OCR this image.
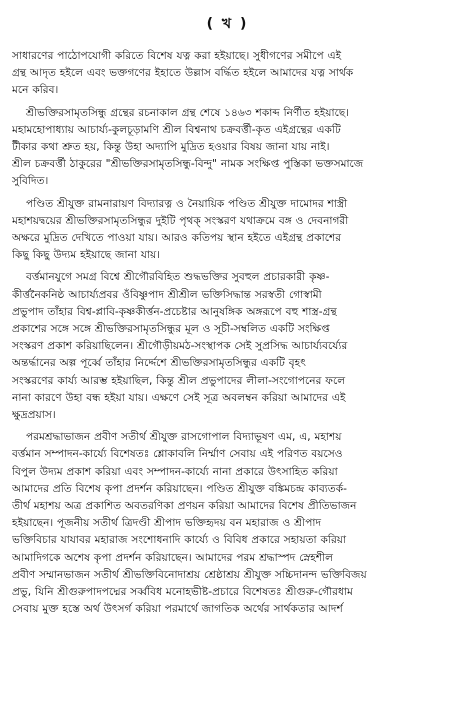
( খ )

সাধারণের পাঠোপযোগী করিতে বিশেষ যত্ন করা হইয়াছে। সুধীগণের সমীপে এই
গ্রন্থ আদৃত হইলে এবং ভক্তগণের ইহাতে উল্লাস বৰ্দ্ধিত হইলে আমাদের যত্ন সার্থক
মনে করিব।

শ্রীভক্তিরসামৃতসিন্ধু গ্রন্থের রচনাকাল গ্রন্থ শেষে ১৪৬৩ শকাব্দ নির্ণীত হইয়াছে।
মহামহোপাধ্যায় আচাৰ্য্য-কুলচূড়ামণি শ্রীল বিশ্বনাথ চক্রবর্ত্তী-কৃত এইগ্রন্থের একটি
টীকার কথা শ্রুত হয়, কিন্তু উহা অদ্যাপি মুদ্রিত হওয়ার বিষয় জানা যায় নাই।
শ্রীল চক্রবর্ত্তী ঠাকুরের "শ্রীভক্তিরসামৃতসিন্ধু-বিন্দু" নামক সংক্ষিপ্ত পুস্তিকা ভক্তসমাজে
সুবিদিত।

পণ্ডিত শ্রীযুক্ত রামনারায়ণ বিদ্যারত্ন ও নৈয়ায়িক পণ্ডিত শ্রীযুক্ত দামোদর শাস্ত্রী
মহাশয়দ্বয়ের শ্রীভক্তিরসামৃতসিন্ধুর দুইটি পৃথক্ সংস্করণ যথাক্রমে বঙ্গ ও দেবনাগরী
অক্ষরে মুদ্রিত দেখিতে পাওয়া যায়। আরও কতিপয় স্থান হইতে এইগ্রন্থ প্রকাশের
কিছু কিছু উদ্যম হইয়াছে জানা যায়।

বৰ্ত্তমানযুগে সমগ্র বিশ্বে শ্রীগৌরবিহিত শুদ্ধভক্তির সুবহুল প্রচারকারী কৃষ্ণ-
কীৰ্ত্তনৈকনিষ্ঠ আচার্য্যপ্রবর ওঁবিষ্ণুপাদ শ্রীশ্রীল ভক্তিসিদ্ধান্ত সরস্বতী গোস্বামী
প্রভুপাদ তাঁহার বিশ্ব-প্লাবি-কৃষ্ণকীর্ত্তন-প্রচেষ্টার আনুষঙ্গিক অঙ্গরূপে বহু শাস্ত্র-গ্রন্থ
প্রকাশের সঙ্গে সঙ্গে শ্রীভক্তিরসামৃতসিন্ধুর মূল ও সূচী-সম্বলিত একটি সংক্ষিপ্ত
সংস্করণ প্রকাশ করিয়াছিলেন। শ্রীগৌড়ীয়মঠ-সংস্থাপক সেই সুপ্রসিদ্ধ আচার্য্যবর্য্যের
অন্তর্দ্ধানের অল্প পূর্ব্বে তাঁহার নির্দ্দেশে শ্রীভক্তিরসামৃতসিন্ধুর একটি বৃহৎ
সংস্করণের কার্য্য আরম্ভ হইয়াছিল, কিন্তু শ্রীল প্রভুপাদের লীলা-সংগোপনের ফলে
নানা কারণে উহা বন্ধ হইয়া যায়। এক্ষণে সেই সূত্র অবলম্বন করিয়া আমাদের এই
ক্ষুদ্রপ্রয়াস।

পরমশ্রদ্ধাভাজন প্রবীণ সতীর্থ শ্রীযুক্ত রাসগোপাল বিদ্যাভূষণ এম, এ, মহাশয়
বৰ্ত্তমান সম্পাদন-কার্য্যে বিশেষতঃ শ্লোকাবলি নির্ম্মাণ সেবায় এই পরিণত বয়সেও
বিপুল উদ্যম প্রকাশ করিয়া এবং সম্পাদন-কার্য্যে নানা প্রকারে উৎসাহিত করিয়া
আমাদের প্রতি বিশেষ কৃপা প্রদর্শন করিয়াছেন। পণ্ডিত শ্রীযুক্ত বঙ্কিমচন্দ্র কাব্যতর্ক-
তীর্থ মহাশয় অত্র প্রকাশিত অবতরণিকা প্রণয়ন করিয়া আমাদের বিশেষ প্রীতিভাজন
হইয়াছেন। পূজনীয় সতীর্থ ত্রিদণ্ডী শ্রীপাদ ভক্তিহৃদয় বন মহারাজ ও শ্রীপাদ
ভক্তিবিচার যাযাবর মহারাজ সংশোধনাদি কার্য্যে ও বিবিধ প্রকারে সহায়তা করিয়া
আমাদিগকে অশেষ কৃপা প্রদর্শন করিয়াছেন। আমাদের পরম শ্রদ্ধাস্পদ স্নেহশীল
প্রবীণ সম্মানভাজন সতীর্থ শ্রীভক্তিবিনোদাশ্রয় শ্রেষ্ঠাশ্রয় শ্রীযুক্ত সচ্চিদানন্দ ভক্তিবিজয়
প্রভু, যিনি শ্রীগুরুপাদপদ্মের সর্ব্ববিধ মনোহভীষ্ট-প্রচারে বিশেষতঃ শ্রীগুরু-গৌরধাম
সেবায় মুক্ত হস্তে অর্থ উৎসর্গ করিয়া পরমার্থে জাগতিক অর্থের সার্থকতার আদর্শ
